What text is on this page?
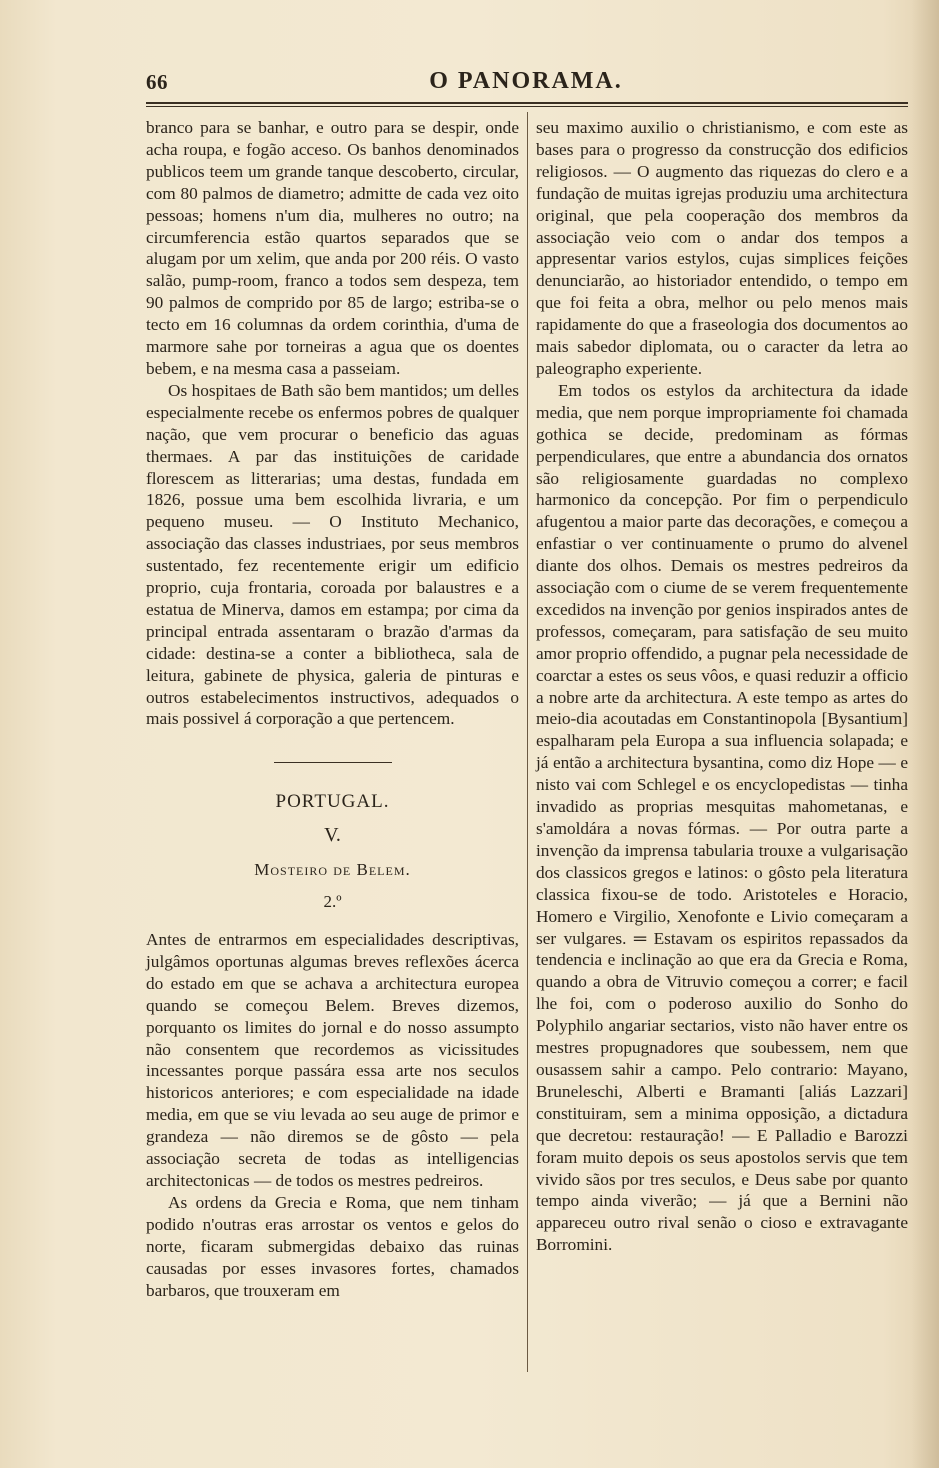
66	O PANORAMA.

branco para se banhar, e outro para se despir, onde acha roupa, e fogão acceso. Os banhos denominados publicos teem um grande tanque descoberto, circular, com 80 palmos de diametro; admitte de cada vez oito pessoas; homens n'um dia, mulheres no outro; na circumferencia estão quartos separados que se alugam por um xelim, que anda por 200 réis. O vasto salão, pump-room, franco a todos sem despeza, tem 90 palmos de comprido por 85 de largo; estriba-se o tecto em 16 columnas da ordem corinthia, d'uma de marmore sahe por torneiras a agua que os doentes bebem, e na mesma casa a passeiam.

Os hospitaes de Bath são bem mantidos; um delles especialmente recebe os enfermos pobres de qualquer nação, que vem procurar o beneficio das aguas thermaes. A par das instituições de caridade florescem as litterarias; uma destas, fundada em 1826, possue uma bem escolhida livraria, e um pequeno museu. — O Instituto Mechanico, associação das classes industriaes, por seus membros sustentado, fez recentemente erigir um edificio proprio, cuja frontaria, coroada por balaustres e a estatua de Minerva, damos em estampa; por cima da principal entrada assentaram o brazão d'armas da cidade: destina-se a conter a bibliotheca, sala de leitura, gabinete de physica, galeria de pinturas e outros estabelecimentos instructivos, adequados o mais possivel á corporação a que pertencem.

PORTUGAL.
V.
Mosteiro de Belem.
2.º

Antes de entrarmos em especialidades descriptivas, julgâmos oportunas algumas breves reflexões ácerca do estado em que se achava a architectura europea quando se começou Belem. Breves dizemos, porquanto os limites do jornal e do nosso assumpto não consentem que recordemos as vicissitudes incessantes porque passára essa arte nos seculos historicos anteriores; e com especialidade na idade media, em que se viu levada ao seu auge de primor e grandeza — não diremos se de gôsto — pela associação secreta de todas as intelligencias architectonicas — de todos os mestres pedreiros.

As ordens da Grecia e Roma, que nem tinham podido n'outras eras arrostar os ventos e gelos do norte, ficaram submergidas debaixo das ruinas causadas por esses invasores fortes, chamados barbaros, que trouxeram em

seu maximo auxilio o christianismo, e com este as bases para o progresso da construcção dos edificios religiosos. — O augmento das riquezas do clero e a fundação de muitas igrejas produziu uma architectura original, que pela cooperação dos membros da associação veio com o andar dos tempos a appresentar varios estylos, cujas simplices feições denunciarão, ao historiador entendido, o tempo em que foi feita a obra, melhor ou pelo menos mais rapidamente do que a fraseologia dos documentos ao mais sabedor diplomata, ou o caracter da letra ao paleographo experiente.

Em todos os estylos da architectura da idade media, que nem porque impropriamente foi chamada gothica se decide, predominam as fórmas perpendiculares, que entre a abundancia dos ornatos são religiosamente guardadas no complexo harmonico da concepção. Por fim o perpendiculo afugentou a maior parte das decorações, e começou a enfastiar o ver continuamente o prumo do alvenel diante dos olhos. Demais os mestres pedreiros da associação com o ciume de se verem frequentemente excedidos na invenção por genios inspirados antes de professos, começaram, para satisfação de seu muito amor proprio offendido, a pugnar pela necessidade de coarctar a estes os seus vôos, e quasi reduzir a officio a nobre arte da architectura. A este tempo as artes do meio-dia acoutadas em Constantinopola [Bysantium] espalharam pela Europa a sua influencia solapada; e já então a architectura bysantina, como diz Hope — e nisto vai com Schlegel e os encyclopedistas — tinha invadido as proprias mesquitas mahometanas, e s'amoldára a novas fórmas. — Por outra parte a invenção da imprensa tabularia trouxe a vulgarisação dos classicos gregos e latinos: o gôsto pela literatura classica fixou-se de todo. Aristoteles e Horacio, Homero e Virgilio, Xenofonte e Livio começaram a ser vulgares. ═ Estavam os espiritos repassados da tendencia e inclinação ao que era da Grecia e Roma, quando a obra de Vitruvio começou a correr; e facil lhe foi, com o poderoso auxilio do Sonho do Polyphilo angariar sectarios, visto não haver entre os mestres propugnadores que soubessem, nem que ousassem sahir a campo. Pelo contrario: Mayano, Bruneleschi, Alberti e Bramanti [aliás Lazzari] constituiram, sem a minima opposição, a dictadura que decretou: restauração! — E Palladio e Barozzi foram muito depois os seus apostolos servis que tem vivido sãos por tres seculos, e Deus sabe por quanto tempo ainda viverão; — já que a Bernini não appareceu outro rival senão o cioso e extravagante Borromini.
